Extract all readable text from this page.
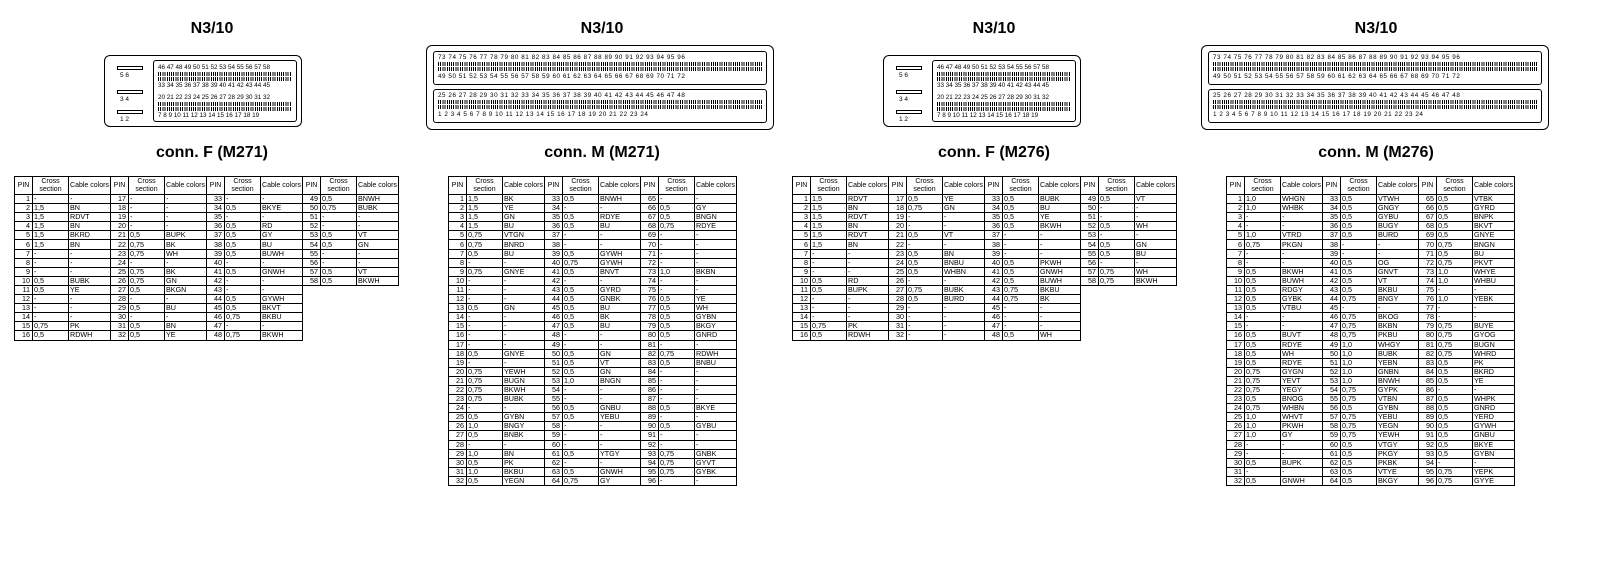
N3/10
46 47 48 49 50 51 52 53 54 55 56 57 58
33 34 35 36 37 38 39 40 41 42 43 44 45
20 21 22 23 24 25 26 27 28 29 30 31 32
7 8 9 10 11 12 13 14 15 16 17 18 19
5 6
3 4
1 2
conn. F (M271)
PIN	Cross section	Cable colors	PIN	Cross section	Cable colors	PIN	Cross section	Cable colors	PIN	Cross section	Cable colors
1	-	-	17	-	-	33	-	-	49	0,5	BNWH
2	1,5	BN	18	-	-	34	0,5	BKYE	50	0,75	BUBK
3	1,5	RDVT	19	-	-	35	-	-	51	-	-
4	1,5	BN	20	-	-	36	0,5	RD	52	-	-
5	1,5	BKRD	21	0,5	BUPK	37	0,5	GY	53	0,5	VT
6	1,5	BN	22	0,75	BK	38	0,5	BU	54	0,5	GN
7	-	-	23	0,75	WH	39	0,5	BUWH	55	-	-
8	-	-	24	-	-	40	-	-	56	-	-
9	-	-	25	0,75	BK	41	0,5	GNWH	57	0,5	VT
10	0,5	BUBK	26	0,75	GN	42	-	-	58	0,5	BKWH
11	0,5	YE	27	0,5	BKGN	43	-	-			
12	-	-	28	-	-	44	0,5	GYWH			
13	-	-	29	0,5	BU	45	0,5	BKVT			
14	-	-	30	-	-	46	0,75	BKBU			
15	0,75	PK	31	0,5	BN	47	-	-			
16	0,5	RDWH	32	0,5	YE	48	0,75	BKWH			
N3/10
73 74 75 76 77 78 79 80 81 82 83 84 85 86 87 88 89 90 91 92 93 94 95 96
49 50 51 52 53 54 55 56 57 58 59 60 61 62 63 64 65 66 67 68 69 70 71 72
25 26 27 28 29 30 31 32 33 34 35 36 37 38 39 40 41 42 43 44 45 46 47 48
1 2 3 4 5 6 7 8 9 10 11 12 13 14 15 16 17 18 19 20 21 22 23 24
conn. M (M271)
PIN	Cross section	Cable colors	PIN	Cross section	Cable colors	PIN	Cross section	Cable colors
1	1,5	BK	33	0,5	BNWH	65	-	-
2	1,5	YE	34	-	-	66	0,5	GY
3	1,5	GN	35	0,5	RDYE	67	0,5	BNGN
4	1,5	BU	36	0,5	BU	68	0,75	RDYE
5	0,75	VTGN	37	-	-	69	-	-
6	0,75	BNRD	38	-	-	70	-	-
7	0,5	BU	39	0,5	GYWH	71	-	-
8	-	-	40	0,75	GYWH	72	-	-
9	0,75	GNYE	41	0,5	BNVT	73	1,0	BKBN
10	-	-	42	-	-	74	-	-
11	-	-	43	0,5	GYRD	75	-	-
12	-	-	44	0,5	GNBK	76	0,5	YE
13	0,5	GN	45	0,5	BU	77	0,5	WH
14	-	-	46	0,5	BK	78	0,5	GYBN
15	-	-	47	0,5	BU	79	0,5	BKGY
16	-	-	48	-	-	80	0,5	GNRD
17	-	-	49	-	-	81	-	-
18	0,5	GNYE	50	0,5	GN	82	0,75	RDWH
19	-	-	51	0,5	VT	83	0,5	BNBU
20	0,75	YEWH	52	0,5	GN	84	-	-
21	0,75	BUGN	53	1,0	BNGN	85	-	-
22	0,75	BKWH	54	-	-	86	-	-
23	0,75	BUBK	55	-	-	87	-	-
24	-	-	56	0,5	GNBU	88	0,5	BKYE
25	0,5	GYBN	57	0,5	YEBU	89	-	-
26	1,0	BNGY	58	-	-	90	0,5	GYBU
27	0,5	BNBK	59	-	-	91	-	-
28	-	-	60	-	-	92	-	-
29	1,0	BN	61	0,5	YTGY	93	0,75	GNBK
30	0,5	PK	62	-	-	94	0,75	GYVT
31	1,0	BKBU	63	0,5	GNWH	95	0,75	GYBK
32	0,5	YEGN	64	0,75	GY	96	-	-
N3/10
46 47 48 49 50 51 52 53 54 55 56 57 58
33 34 35 36 37 38 39 40 41 42 43 44 45
20 21 22 23 24 25 26 27 28 29 30 31 32
7 8 9 10 11 12 13 14 15 16 17 18 19
5 6
3 4
1 2
conn. F (M276)
PIN	Cross section	Cable colors	PIN	Cross section	Cable colors	PIN	Cross section	Cable colors	PIN	Cross section	Cable colors
1	1,5	RDVT	17	0,5	YE	33	0,5	BUBK	49	0,5	VT
2	1,5	BN	18	0,75	GN	34	0,5	BU	50	-	-
3	1,5	RDVT	19	-	-	35	0,5	YE	51	-	-
4	1,5	BN	20	-	-	36	0,5	BKWH	52	0,5	WH
5	1,5	RDVT	21	0,5	VT	37	-	-	53	-	-
6	1,5	BN	22	-	-	38	-	-	54	0,5	GN
7	-	-	23	0,5	BN	39	-	-	55	0,5	BU
8	-	-	24	0,5	BNBU	40	0,5	PKWH	56	-	-
9	-	-	25	0,5	WHBN	41	0,5	GNWH	57	0,75	WH
10	0,5	RD	26	-	-	42	0,5	BUWH	58	0,75	BKWH
11	0,5	BUPK	27	0,75	BUBK	43	0,75	BKBU			
12	-	-	28	0,5	BURD	44	0,75	BK			
13	-	-	29	-	-	45	-	-			
14	-	-	30	-	-	46	-	-			
15	0,75	PK	31	-	-	47	-	-			
16	0,5	RDWH	32	-	-	48	0,5	WH			
N3/10
73 74 75 76 77 78 79 80 81 82 83 84 85 86 87 88 89 90 91 92 93 94 95 96
49 50 51 52 53 54 55 56 57 58 59 60 61 62 63 64 65 66 67 68 69 70 71 72
25 26 27 28 29 30 31 32 33 34 35 36 37 38 39 40 41 42 43 44 45 46 47 48
1 2 3 4 5 6 7 8 9 10 11 12 13 14 15 16 17 18 19 20 21 22 23 24
conn. M (M276)
PIN	Cross section	Cable colors	PIN	Cross section	Cable colors	PIN	Cross section	Cable colors
1	1,0	WHGN	33	0,5	VTWH	65	0,5	VTBK
2	1,0	WHBK	34	0,5	GNGY	66	0,5	GYRD
3	-	-	35	0,5	GYBU	67	0,5	BNPK
4	-	-	36	0,5	BUGY	68	0,5	BKVT
5	1,0	VTRD	37	0,5	BURD	69	0,5	GNYE
6	0,75	PKGN	38	-	-	70	0,75	BNGN
7	-	-	39	-	-	71	0,5	BU
8	-	-	40	0,5	OG	72	0,75	PKVT
9	0,5	BKWH	41	0,5	GNVT	73	1,0	WHYE
10	0,5	BUWH	42	0,5	VT	74	1,0	WHBU
11	0,5	RDGY	43	0,5	BKBU	75	-	-
12	0,5	GYBK	44	0,75	BNGY	76	1,0	YEBK
13	0,5	VTBU	45	-	-	77	-	-
14	-	-	46	0,75	BKOG	78	-	-
15	-	-	47	0,75	BKBN	79	0,75	BUYE
16	0,5	BUVT	48	0,75	PKBU	80	0,75	GYOG
17	0,5	RDYE	49	1,0	WHGY	81	0,75	BUGN
18	0,5	WH	50	1,0	BUBK	82	0,75	WHRD
19	0,5	RDYE	51	1,0	YEBN	83	0,5	PK
20	0,75	GYGN	52	1,0	GNBN	84	0,5	BKRD
21	0,75	YEVT	53	1,0	BNWH	85	0,5	YE
22	0,75	YEGY	54	0,75	GYPK	86	-	-
23	0,5	BNOG	55	0,75	VTBN	87	0,5	WHPK
24	0,75	WHBN	56	0,5	GYBN	88	0,5	GNRD
25	1,0	WHVT	57	0,75	YEBU	89	0,5	YERD
26	1,0	PKWH	58	0,75	YEGN	90	0,5	GYWH
27	1,0	GY	59	0,75	YEWH	91	0,5	GNBU
28	-	-	60	0,5	VTGY	92	0,5	BKYE
29	-	-	61	0,5	PKGY	93	0,5	GYBN
30	0,5	BUPK	62	0,5	PKBK	94	-	-
31	-	-	63	0,5	VTYE	95	0,75	YEPK
32	0,5	GNWH	64	0,5	BKGY	96	0,75	GYYE
